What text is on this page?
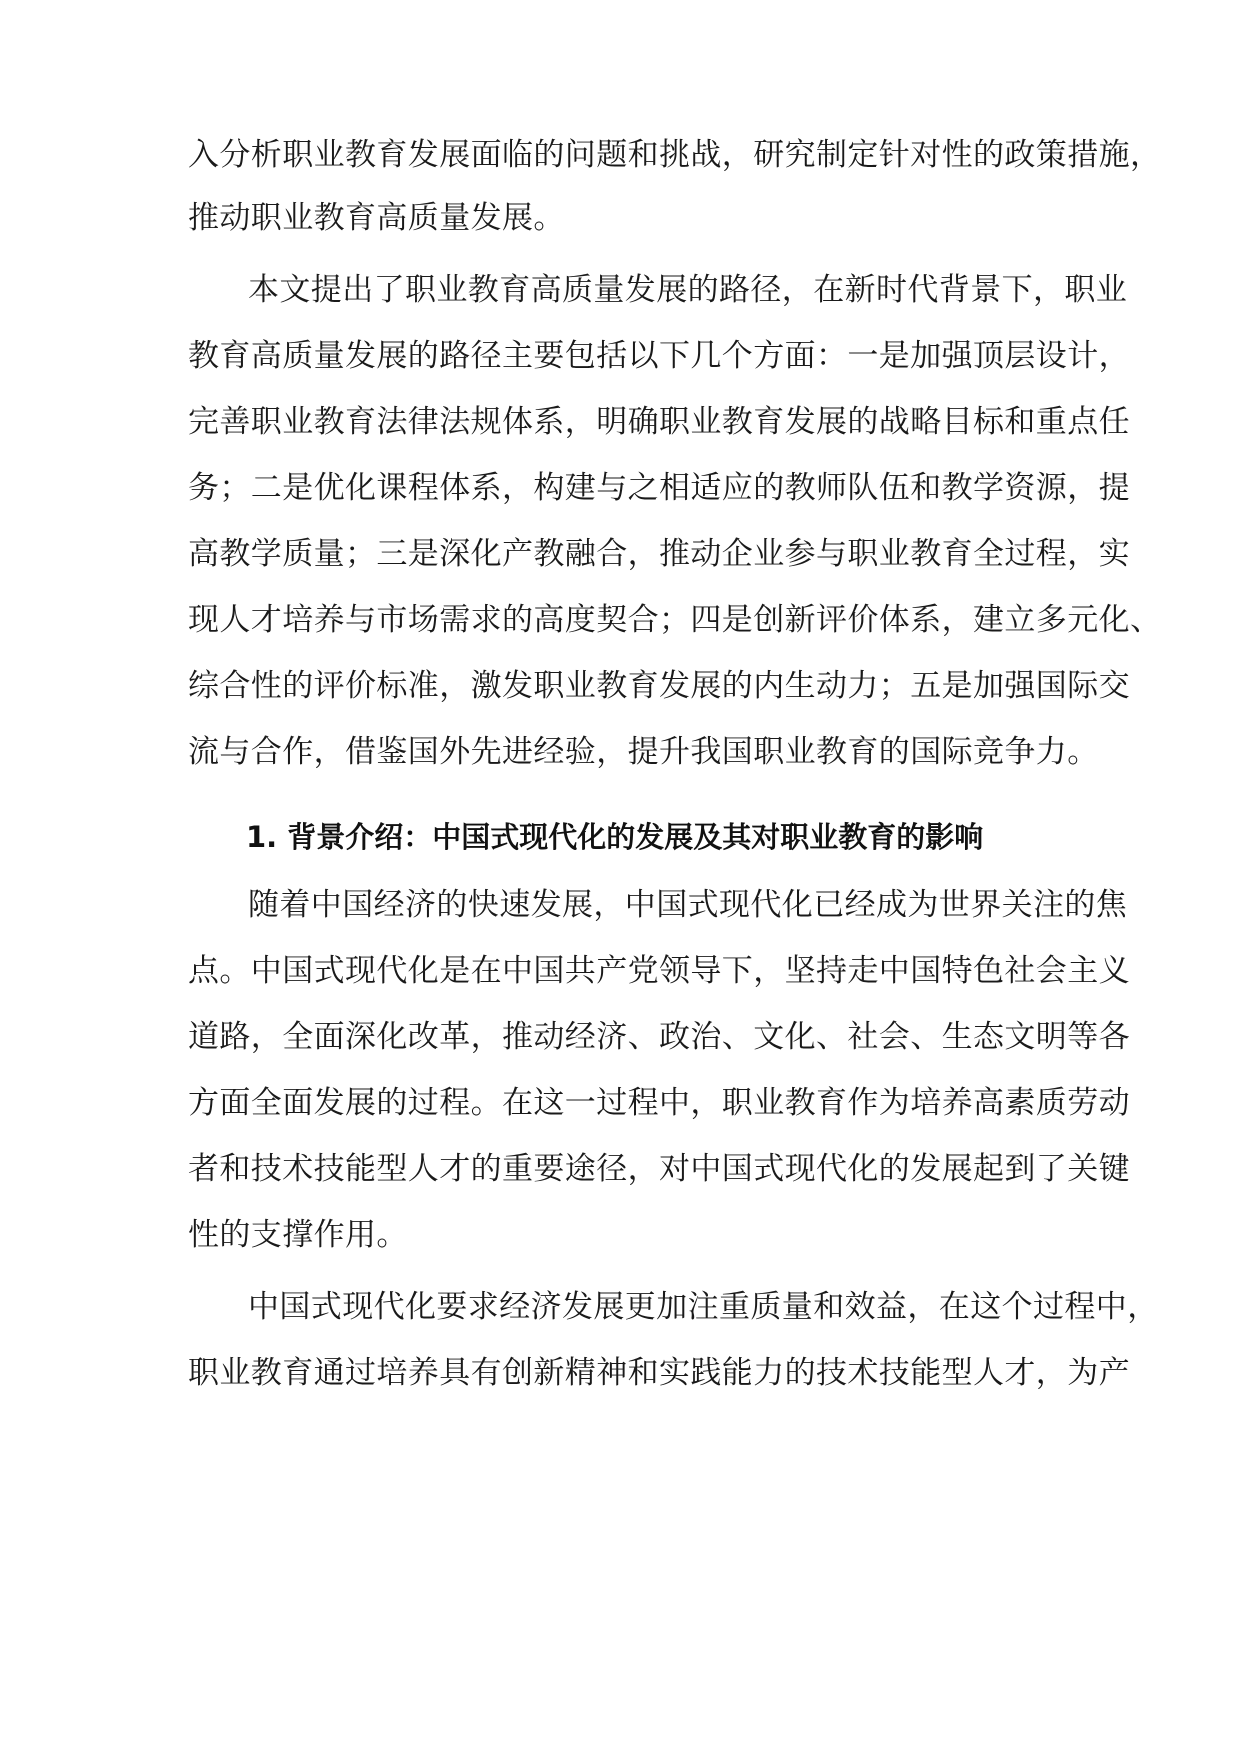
入分析职业教育发展面临的问题和挑战，研究制定针对性的政策措施，
推动职业教育高质量发展。
本文提出了职业教育高质量发展的路径，在新时代背景下，职业
教育高质量发展的路径主要包括以下几个方面：一是加强顶层设计，
完善职业教育法律法规体系，明确职业教育发展的战略目标和重点任
务；二是优化课程体系，构建与之相适应的教师队伍和教学资源，提
高教学质量；三是深化产教融合，推动企业参与职业教育全过程，实
现人才培养与市场需求的高度契合；四是创新评价体系，建立多元化、
综合性的评价标准，激发职业教育发展的内生动力；五是加强国际交
流与合作，借鉴国外先进经验，提升我国职业教育的国际竞争力。
1. 背景介绍：中国式现代化的发展及其对职业教育的影响
随着中国经济的快速发展，中国式现代化已经成为世界关注的焦
点。中国式现代化是在中国共产党领导下，坚持走中国特色社会主义
道路，全面深化改革，推动经济、政治、文化、社会、生态文明等各
方面全面发展的过程。在这一过程中，职业教育作为培养高素质劳动
者和技术技能型人才的重要途径，对中国式现代化的发展起到了关键
性的支撑作用。
中国式现代化要求经济发展更加注重质量和效益，在这个过程中，
职业教育通过培养具有创新精神和实践能力的技术技能型人才，为产
